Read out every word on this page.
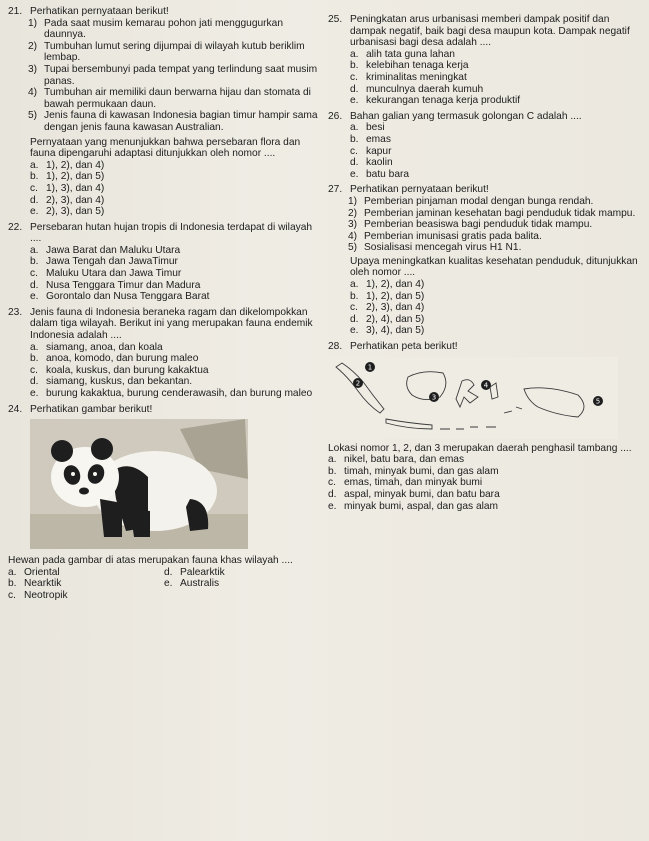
21. Perhatikan pernyataan berikut!
1) Pada saat musim kemarau pohon jati menggugurkan daunnya.
2) Tumbuhan lumut sering dijumpai di wilayah kutub beriklim lembap.
3) Tupai bersembunyi pada tempat yang terlindung saat musim panas.
4) Tumbuhan air memiliki daun berwarna hijau dan stomata di bawah permukaan daun.
5) Jenis fauna di kawasan Indonesia bagian timur hampir sama dengan jenis fauna kawasan Australian.
Pernyataan yang menunjukkan bahwa persebaran flora dan fauna dipengaruhi adaptasi ditunjukkan oleh nomor ....
a. 1), 2), dan 4)
b. 1), 2), dan 5)
c. 1), 3), dan 4)
d. 2), 3), dan 4)
e. 2), 3), dan 5)
22. Persebaran hutan hujan tropis di Indonesia terdapat di wilayah ....
a. Jawa Barat dan Maluku Utara
b. Jawa Tengah dan JawaTimur
c. Maluku Utara dan Jawa Timur
d. Nusa Tenggara Timur dan Madura
e. Gorontalo dan Nusa Tenggara Barat
23. Jenis fauna di Indonesia beraneka ragam dan dikelompokkan dalam tiga wilayah. Berikut ini yang merupakan fauna endemik Indonesia adalah ....
a. siamang, anoa, dan koala
b. anoa, komodo, dan burung maleo
c. koala, kuskus, dan burung kakaktua
d. siamang, kuskus, dan bekantan.
e. burung kakaktua, burung cenderawasih, dan burung maleo
24. Perhatikan gambar berikut!
Hewan pada gambar di atas merupakan fauna khas wilayah ....
a. Oriental	d. Palearktik
b. Nearktik	e. Australis
c. Neotropik
25. Peningkatan arus urbanisasi memberi dampak positif dan dampak negatif, baik bagi desa maupun kota. Dampak negatif urbanisasi bagi desa adalah ....
a. alih tata guna lahan
b. kelebihan tenaga kerja
c. kriminalitas meningkat
d. munculnya daerah kumuh
e. kekurangan tenaga kerja produktif
26. Bahan galian yang termasuk golongan C adalah ....
a. besi
b. emas
c. kapur
d. kaolin
e. batu bara
27. Perhatikan pernyataan berikut!
1) Pemberian pinjaman modal dengan bunga rendah.
2) Pemberian jaminan kesehatan bagi penduduk tidak mampu.
3) Pemberian beasiswa bagi penduduk tidak mampu.
4) Pemberian imunisasi gratis pada balita.
5) Sosialisasi mencegah virus H1 N1.
Upaya meningkatkan kualitas kesehatan penduduk, ditunjukkan oleh nomor ....
a. 1), 2), dan 4)
b. 1), 2), dan 5)
c. 2), 3), dan 4)
d. 2), 4), dan 5)
e. 3), 4), dan 5)
28. Perhatikan peta berikut!
1
2
3
4
5
Lokasi nomor 1, 2, dan 3 merupakan daerah penghasil tambang ....
a. nikel, batu bara, dan emas
b. timah, minyak bumi, dan gas alam
c. emas, timah, dan minyak bumi
d. aspal, minyak bumi, dan batu bara
e. minyak bumi, aspal, dan gas alam
